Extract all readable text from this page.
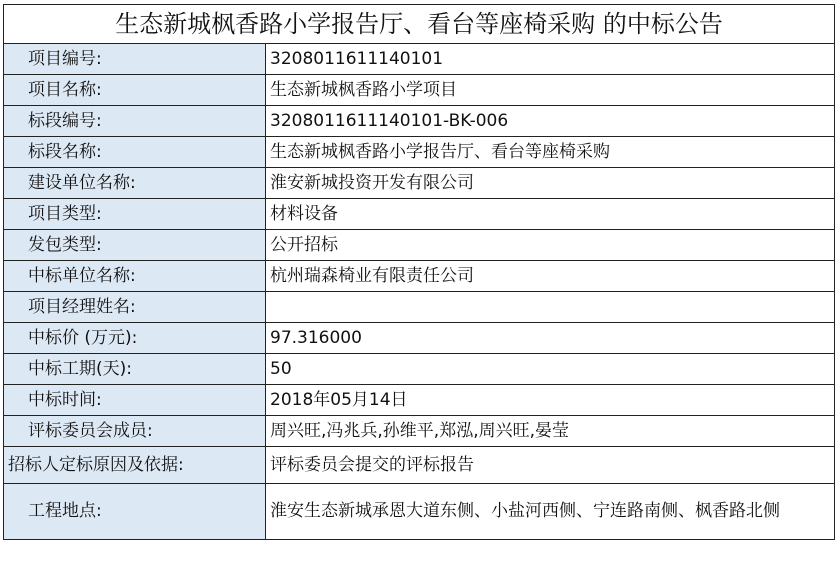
生态新城枫香路小学报告厅、看台等座椅采购 的中标公告	
项目编号:	3208011611140101
项目名称:	生态新城枫香路小学项目
标段编号:	3208011611140101-BK-006
标段名称:	生态新城枫香路小学报告厅、看台等座椅采购
建设单位名称:	淮安新城投资开发有限公司
项目类型:	材料设备
发包类型:	公开招标
中标单位名称:	杭州瑞森椅业有限责任公司
项目经理姓名:	
中标价 (万元):	97.316000
中标工期(天):	50
中标时间:	2018年05月14日
评标委员会成员:	周兴旺,冯兆兵,孙维平,郑泓,周兴旺,晏莹
招标人定标原因及依据:	评标委员会提交的评标报告
工程地点:	淮安生态新城承恩大道东侧、小盐河西侧、宁连路南侧、枫香路北侧
